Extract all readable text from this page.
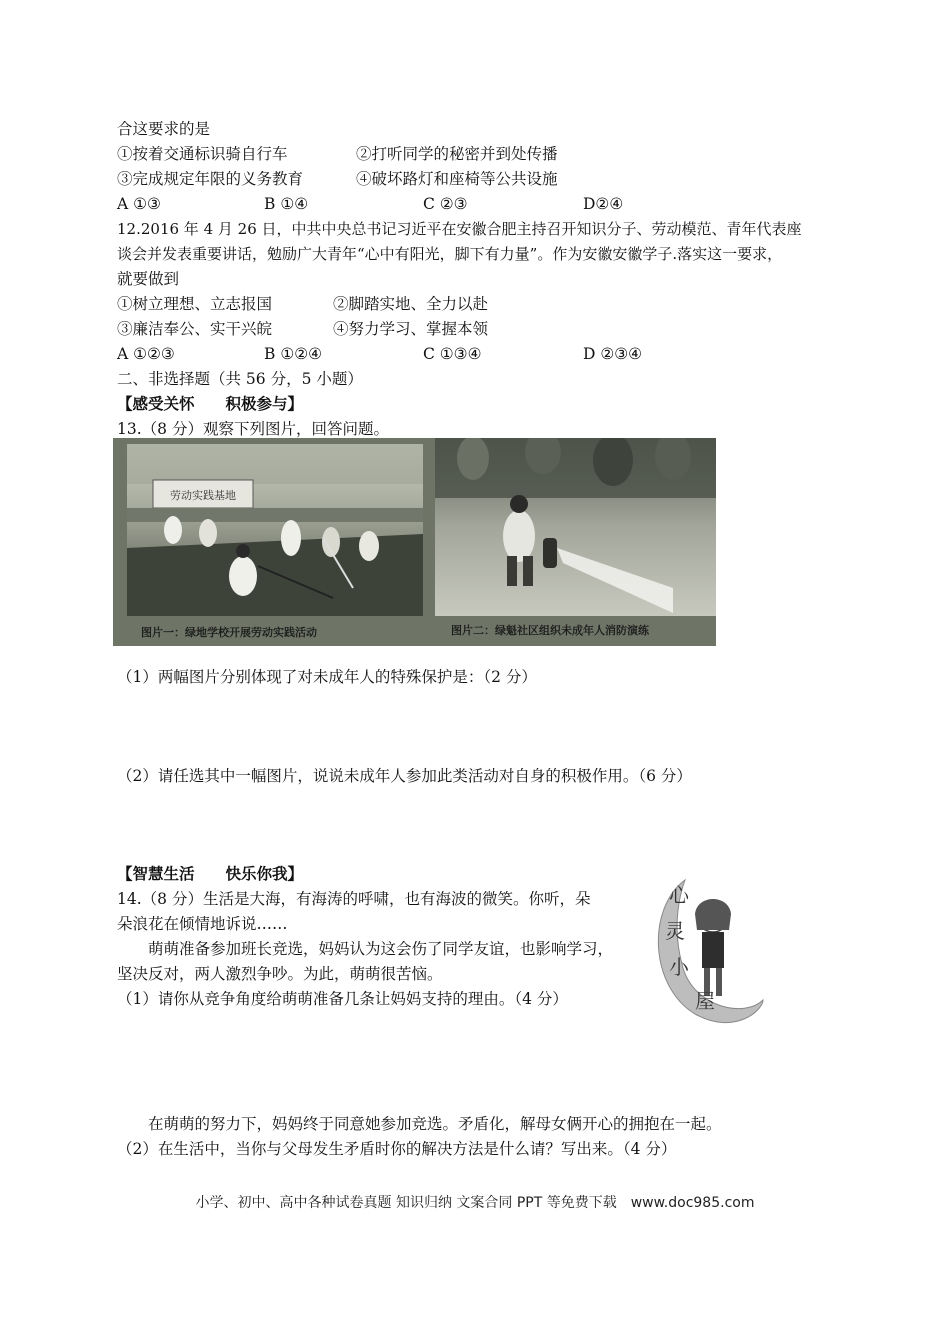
合这要求的是
①按着交通标识骑自行车	②打听同学的秘密并到处传播
③完成规定年限的义务教育	④破坏路灯和座椅等公共设施
A ①③	B ①④	C ②③	D②④
12.2016 年 4 月 26 日，中共中央总书记习近平在安徽合肥主持召开知识分子、劳动模范、青年代表座
谈会并发表重要讲话，勉励广大青年“心中有阳光，脚下有力量”。作为安徽安徽学子.落实这一要求，
就要做到
①树立理想、立志报国	②脚踏实地、全力以赴
③廉洁奉公、实干兴皖	④努力学习、掌握本领
A ①②③	B ①②④	C ①③④	D ②③④
二、非选择题（共 56 分，5 小题）
【感受关怀　　积极参与】
13.（8 分）观察下列图片，回答问题。
劳动实践基地
图片一：绿地学校开展劳动实践活动	图片二：绿魁社区组织未成年人消防演练
（1）两幅图片分别体现了对未成年人的特殊保护是：（2 分）
（2）请任选其中一幅图片，说说未成年人参加此类活动对自身的积极作用。（6 分）
【智慧生活　　快乐你我】
14.（8 分）生活是大海，有海涛的呼啸，也有海波的微笑。你听，朵
朵浪花在倾情地诉说……
　　萌萌准备参加班长竞选，妈妈认为这会伤了同学友谊，也影响学习，
坚决反对，两人激烈争吵。为此，萌萌很苦恼。
（1）请你从竞争角度给萌萌准备几条让妈妈支持的理由。（4 分）
心
灵
小
屋
　　在萌萌的努力下，妈妈终于同意她参加竞选。矛盾化，解母女俩开心的拥抱在一起。
（2）在生活中，当你与父母发生矛盾时你的解决方法是什么请？写出来。（4 分）
小学、初中、高中各种试卷真题 知识归纳 文案合同 PPT 等免费下载　www.doc985.com
